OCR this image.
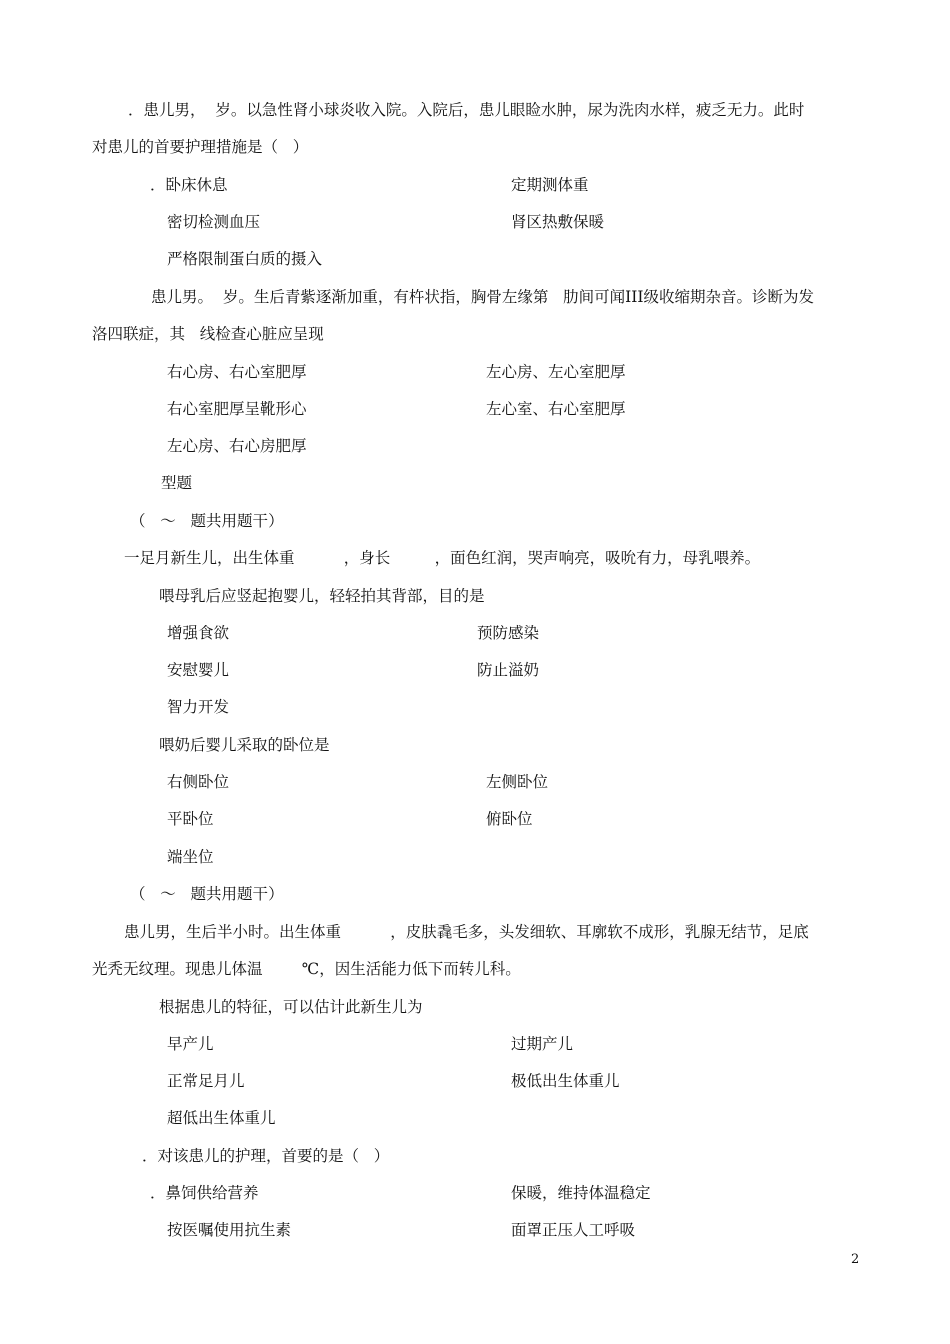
．患儿男，  岁。以急性肾小球炎收入院。入院后，患儿眼睑水肿，尿为洗肉水样，疲乏无力。此时
对患儿的首要护理措施是（   ）
．卧床休息	定期测体重
密切检测血压	肾区热敷保暖
严格限制蛋白质的摄入
患儿男。  岁。生后青紫逐渐加重，有杵状指，胸骨左缘第   肋间可闻III级收缩期杂音。诊断为发
洛四联症，其   线检查心脏应呈现
右心房、右心室肥厚	左心房、左心室肥厚
右心室肥厚呈靴形心	左心室、右心室肥厚
左心房、右心房肥厚
型题
（   ～   题共用题干）
一足月新生儿，出生体重          ，身长         ，面色红润，哭声响亮，吸吮有力，母乳喂养。
喂母乳后应竖起抱婴儿，轻轻拍其背部，目的是
增强食欲	预防感染
安慰婴儿	防止溢奶
智力开发
喂奶后婴儿采取的卧位是
右侧卧位	左侧卧位
平卧位	俯卧位
端坐位
（   ～   题共用题干）
患儿男，生后半小时。出生体重          ，皮肤毳毛多，头发细软、耳廓软不成形，乳腺无结节，足底
光秃无纹理。现患儿体温        ℃，因生活能力低下而转儿科。
根据患儿的特征，可以估计此新生儿为
早产儿	过期产儿
正常足月儿	极低出生体重儿
超低出生体重儿
．对该患儿的护理，首要的是（   ）
．鼻饲供给营养	保暖，维持体温稳定
按医嘱使用抗生素	面罩正压人工呼吸
2
